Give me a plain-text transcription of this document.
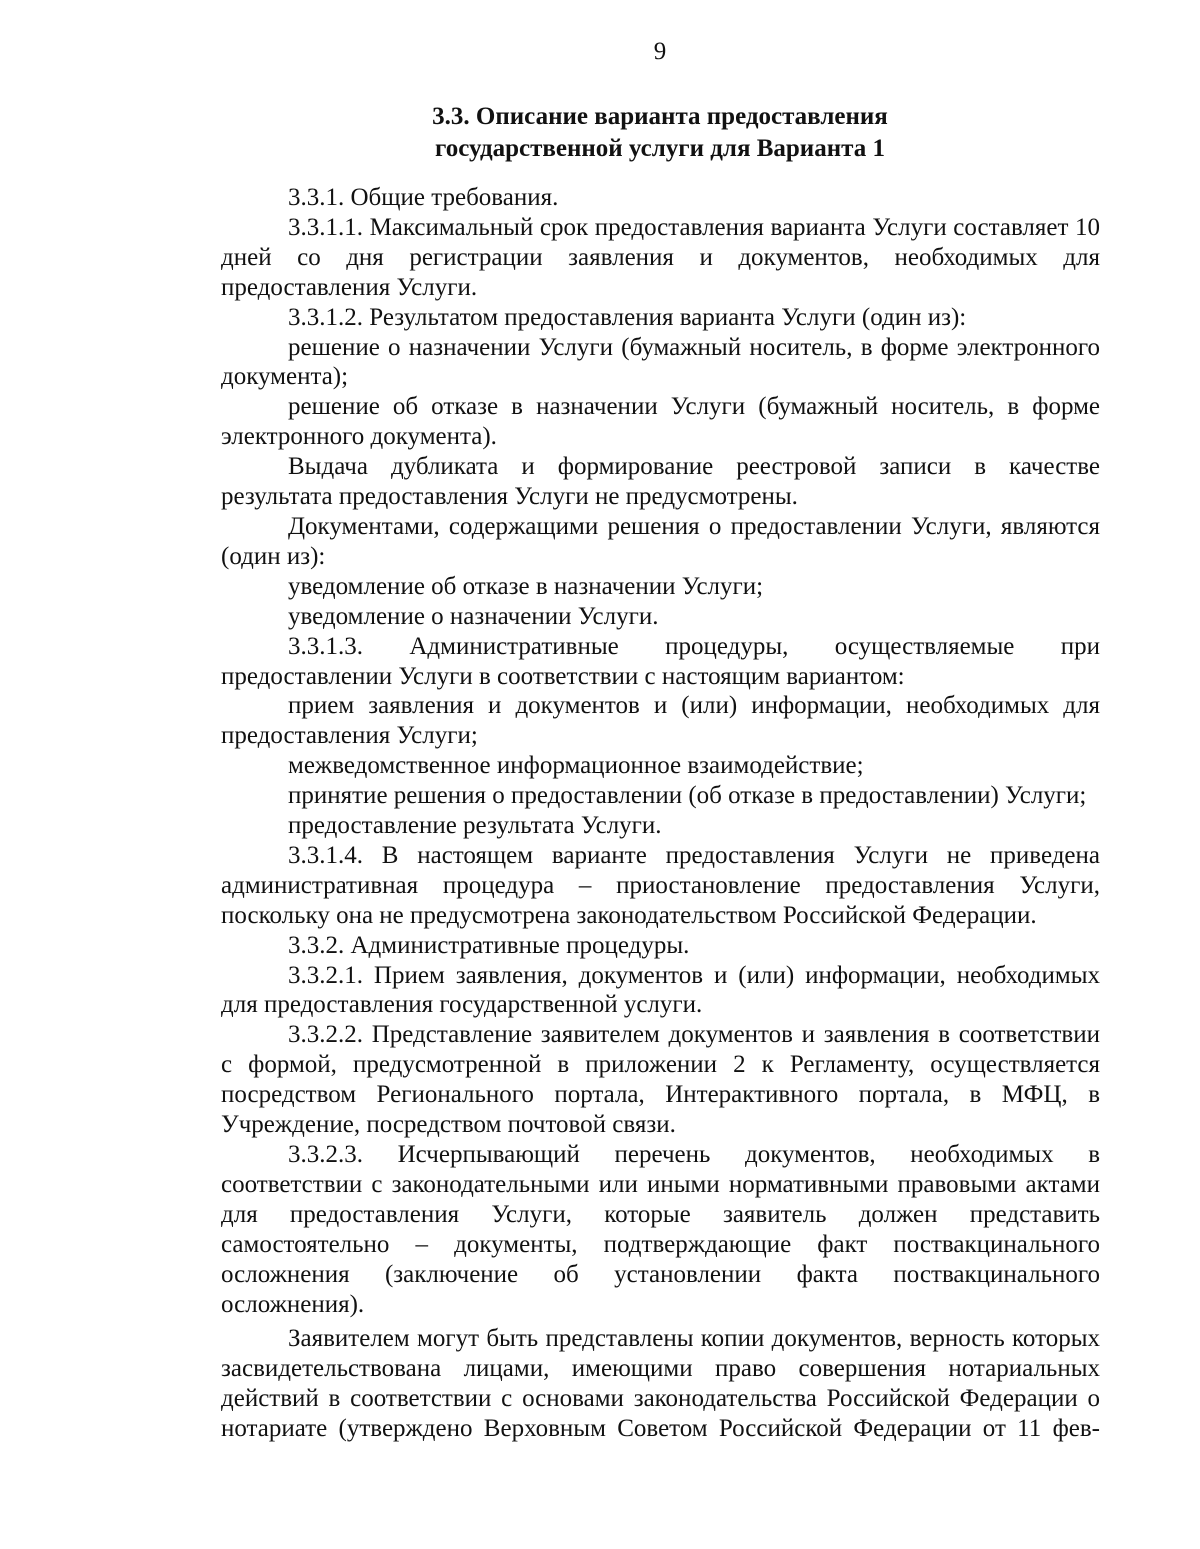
9
3.3. Описание варианта предоставления
государственной услуги для Варианта 1

3.3.1. Общие требования.

3.3.1.1. Максимальный срок предоставления варианта Услуги составляет 10 дней со дня регистрации заявления и документов, необходимых для предоставления Услуги.

3.3.1.2. Результатом предоставления варианта Услуги (один из):

решение о назначении Услуги (бумажный носитель, в форме электронного документа);

решение об отказе в назначении Услуги (бумажный носитель, в форме электронного документа).

Выдача дубликата и формирование реестровой записи в качестве результата предоставления Услуги не предусмотрены.

Документами, содержащими решения о предоставлении Услуги, являются (один из):

уведомление об отказе в назначении Услуги;

уведомление о назначении Услуги.

3.3.1.3. Административные процедуры, осуществляемые при предоставлении Услуги в соответствии с настоящим вариантом:

прием заявления и документов и (или) информации, необходимых для предоставления Услуги;

межведомственное информационное взаимодействие;

принятие решения о предоставлении (об отказе в предоставлении) Услуги;

предоставление результата Услуги.

3.3.1.4. В настоящем варианте предоставления Услуги не приведена административная процедура – приостановление предоставления Услуги, поскольку она не предусмотрена законодательством Российской Федерации.

3.3.2. Административные процедуры.

3.3.2.1. Прием заявления, документов и (или) информации, необходимых для предоставления государственной услуги.

3.3.2.2. Представление заявителем документов и заявления в соответствии с формой, предусмотренной в приложении 2 к Регламенту, осуществляется посредством Регионального портала, Интерактивного портала, в МФЦ, в Учреждение, посредством почтовой связи.

3.3.2.3. Исчерпывающий перечень документов, необходимых в соответствии с законодательными или иными нормативными правовыми актами для предоставления Услуги, которые заявитель должен представить самостоятельно – документы, подтверждающие факт поствакцинального осложнения (заключение об установлении факта поствакцинального осложнения).

Заявителем могут быть представлены копии документов, верность которых засвидетельствована лицами, имеющими право совершения нотариальных действий в соответствии с основами законодательства Российской Федерации о нотариате (утверждено Верховным Советом Российской Федерации от 11 фев-
